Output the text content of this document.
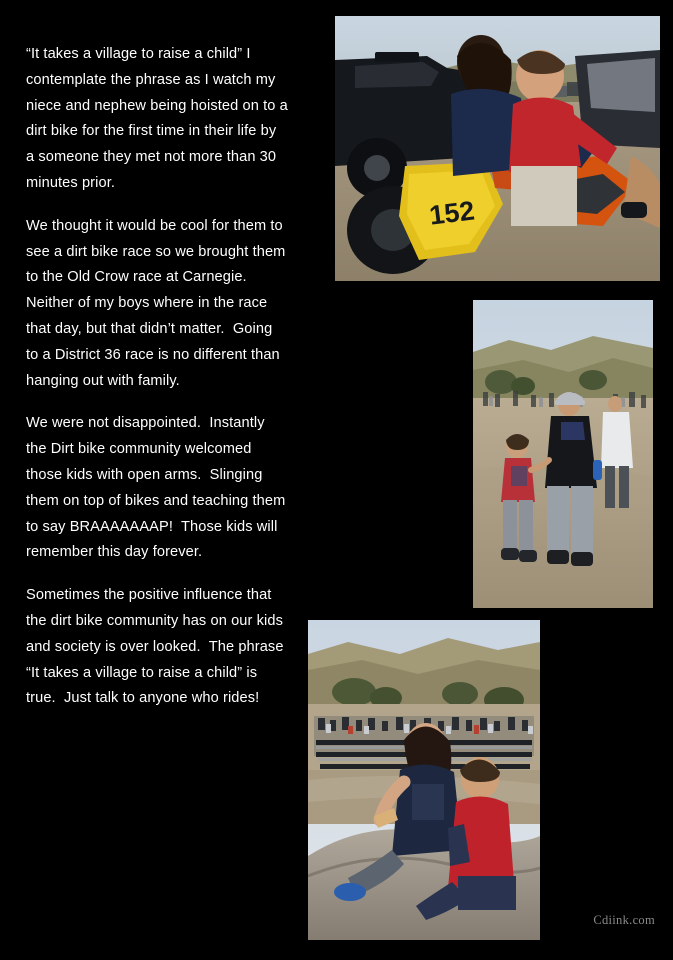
“It takes a village to raise a child” I contemplate the phrase as I watch my niece and nephew being hoisted on to a dirt bike for the first time in their life by a someone they met not more than 30 minutes prior.

We thought it would be cool for them to see a dirt bike race so we brought them to the Old Crow race at Carnegie.   Neither of my boys where in the race that day, but that didn’t matter.  Going to a District 36 race is no different than hanging out with family.

We were not disappointed.  Instantly the Dirt bike community welcomed those kids with open arms.  Slinging them on top of bikes and teaching them to say BRAAAAAAAP!  Those kids will remember this day forever.

Sometimes the positive influence that the dirt bike community has on our kids and society is over looked.  The phrase “It takes a village to raise a child” is true.  Just talk to anyone who rides!

152
Cdiink.com
